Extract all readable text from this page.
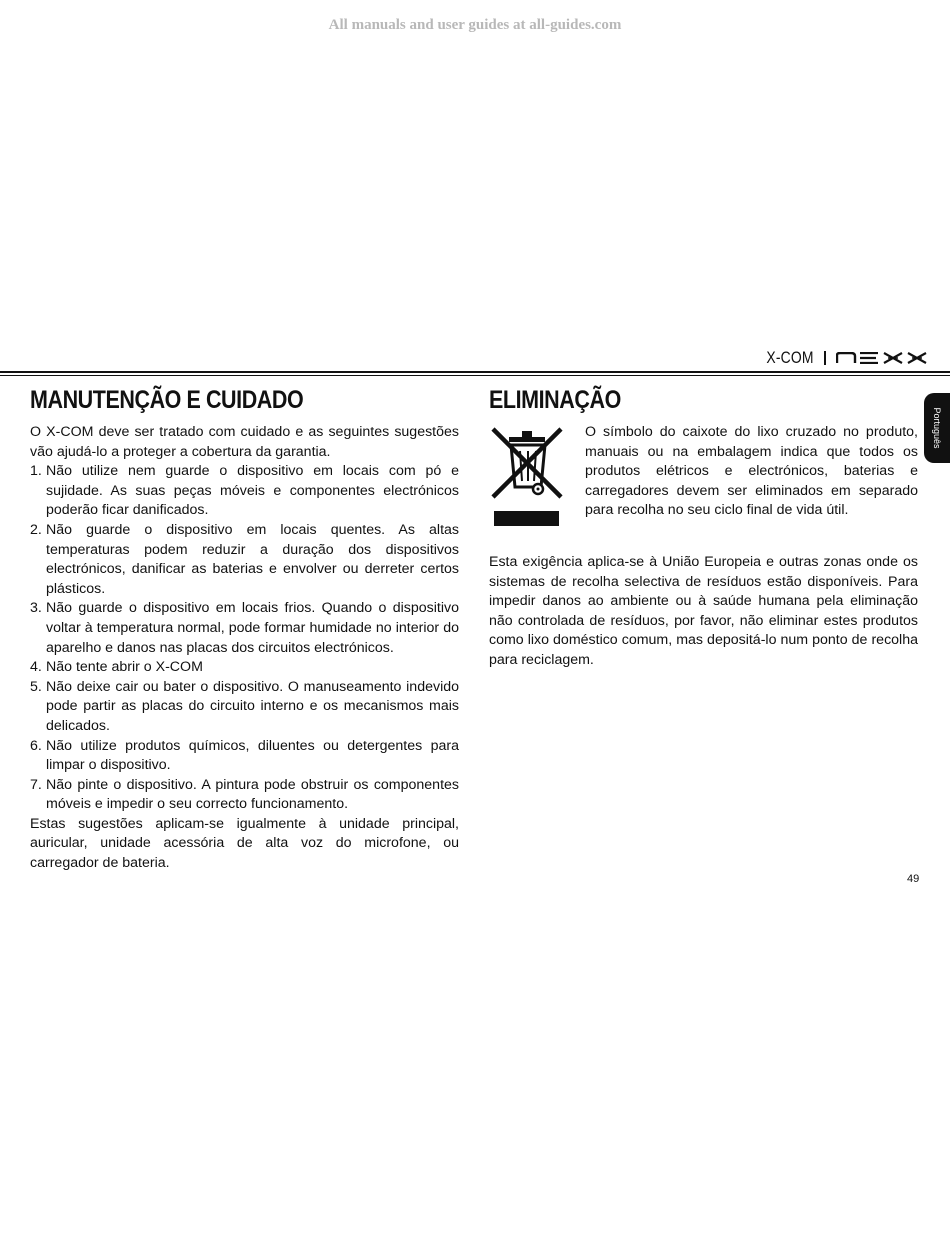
All manuals and user guides at all-guides.com
X-COM
Português
MANUTENÇÃO E CUIDADO

O X-COM deve ser tratado com cuidado e as seguintes sugestões vão ajudá-lo a proteger a cobertura da garantia.

1. Não utilize nem guarde o dispositivo em locais com pó e sujidade. As suas peças móveis e componentes electrónicos poderão ficar danificados.
2. Não guarde o dispositivo em locais quentes. As altas temperaturas podem reduzir a duração dos dispositivos electrónicos, danificar as baterias e envolver ou derreter certos plásticos.
3. Não guarde o dispositivo em locais frios. Quando o dispositivo voltar à temperatura normal, pode formar humidade no interior do aparelho e danos nas placas dos circuitos electrónicos.
4. Não tente abrir o X-COM
5. Não deixe cair ou bater o dispositivo. O manuseamento indevido pode partir as placas do circuito interno e os mecanismos mais delicados.
6. Não utilize produtos químicos, diluentes ou detergentes para limpar o dispositivo.
7. Não pinte o dispositivo. A pintura pode obstruir os componentes móveis e impedir o seu correcto funcionamento.

Estas sugestões aplicam-se igualmente à unidade principal, auricular, unidade acessória de alta voz do microfone, ou carregador de bateria.

ELIMINAÇÃO

O símbolo do caixote do lixo cruzado no produto, manuais ou na embalagem indica que todos os produtos elétricos e electrónicos, baterias e carregadores devem ser eliminados em separado para recolha no seu ciclo final de vida útil.

Esta exigência aplica-se à União Europeia e outras zonas onde os sistemas de recolha selectiva de resíduos estão disponíveis. Para impedir danos ao ambiente ou à saúde humana pela eliminação não controlada de resíduos, por favor, não eliminar estes produtos como lixo doméstico comum, mas depositá-lo num ponto de recolha para reciclagem.

49
